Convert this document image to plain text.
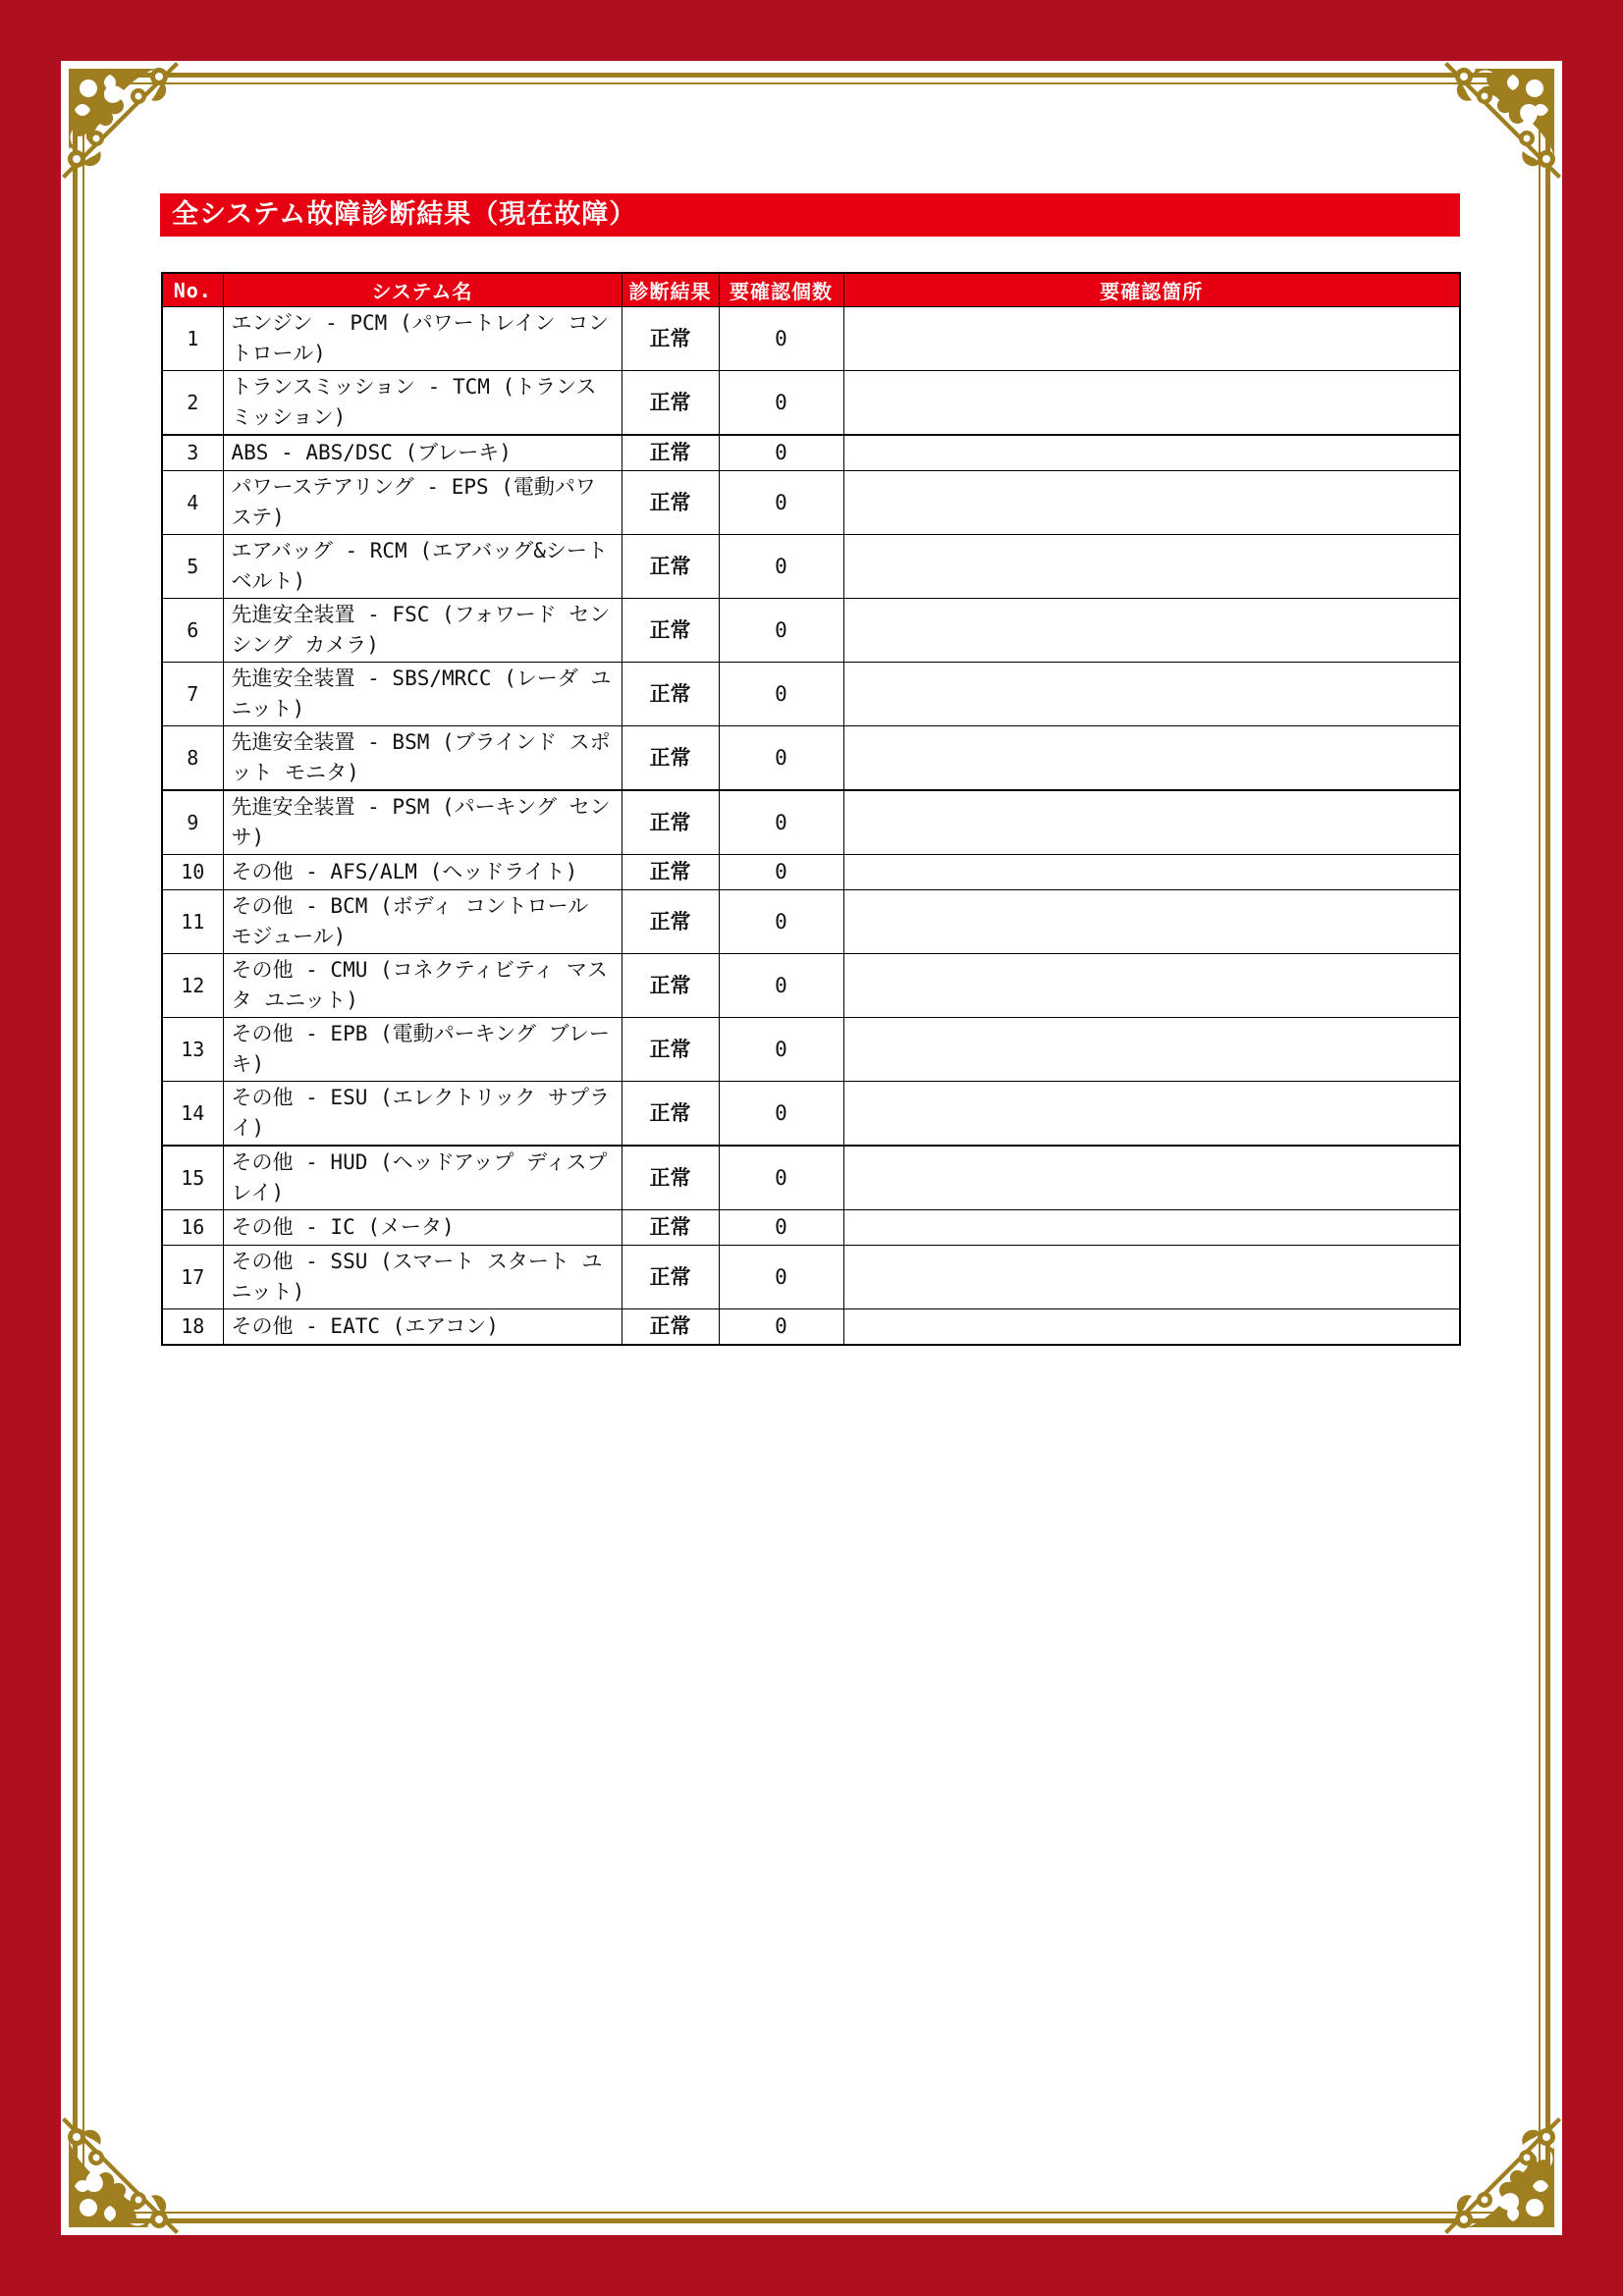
全システム故障診断結果（現在故障）
No.	システム名	診断結果	要確認個数	要確認箇所
1	エンジン - PCM (パワートレイン コントロール)	正常	0	
2	トランスミッション - TCM (トランスミッション)	正常	0	
3	ABS - ABS/DSC (ブレーキ)	正常	0	
4	パワーステアリング - EPS (電動パワステ)	正常	0	
5	エアバッグ - RCM (エアバッグ&シートベルト)	正常	0	
6	先進安全装置 - FSC (フォワード センシング カメラ)	正常	0	
7	先進安全装置 - SBS/MRCC (レーダ ユニット)	正常	0	
8	先進安全装置 - BSM (ブラインド スポット モニタ)	正常	0	
9	先進安全装置 - PSM (パーキング センサ)	正常	0	
10	その他 - AFS/ALM (ヘッドライト)	正常	0	
11	その他 - BCM (ボディ コントロール モジュール)	正常	0	
12	その他 - CMU (コネクティビティ マスタ ユニット)	正常	0	
13	その他 - EPB (電動パーキング ブレーキ)	正常	0	
14	その他 - ESU (エレクトリック サプライ)	正常	0	
15	その他 - HUD (ヘッドアップ ディスプレイ)	正常	0	
16	その他 - IC (メータ)	正常	0	
17	その他 - SSU (スマート スタート ユニット)	正常	0	
18	その他 - EATC (エアコン)	正常	0	
